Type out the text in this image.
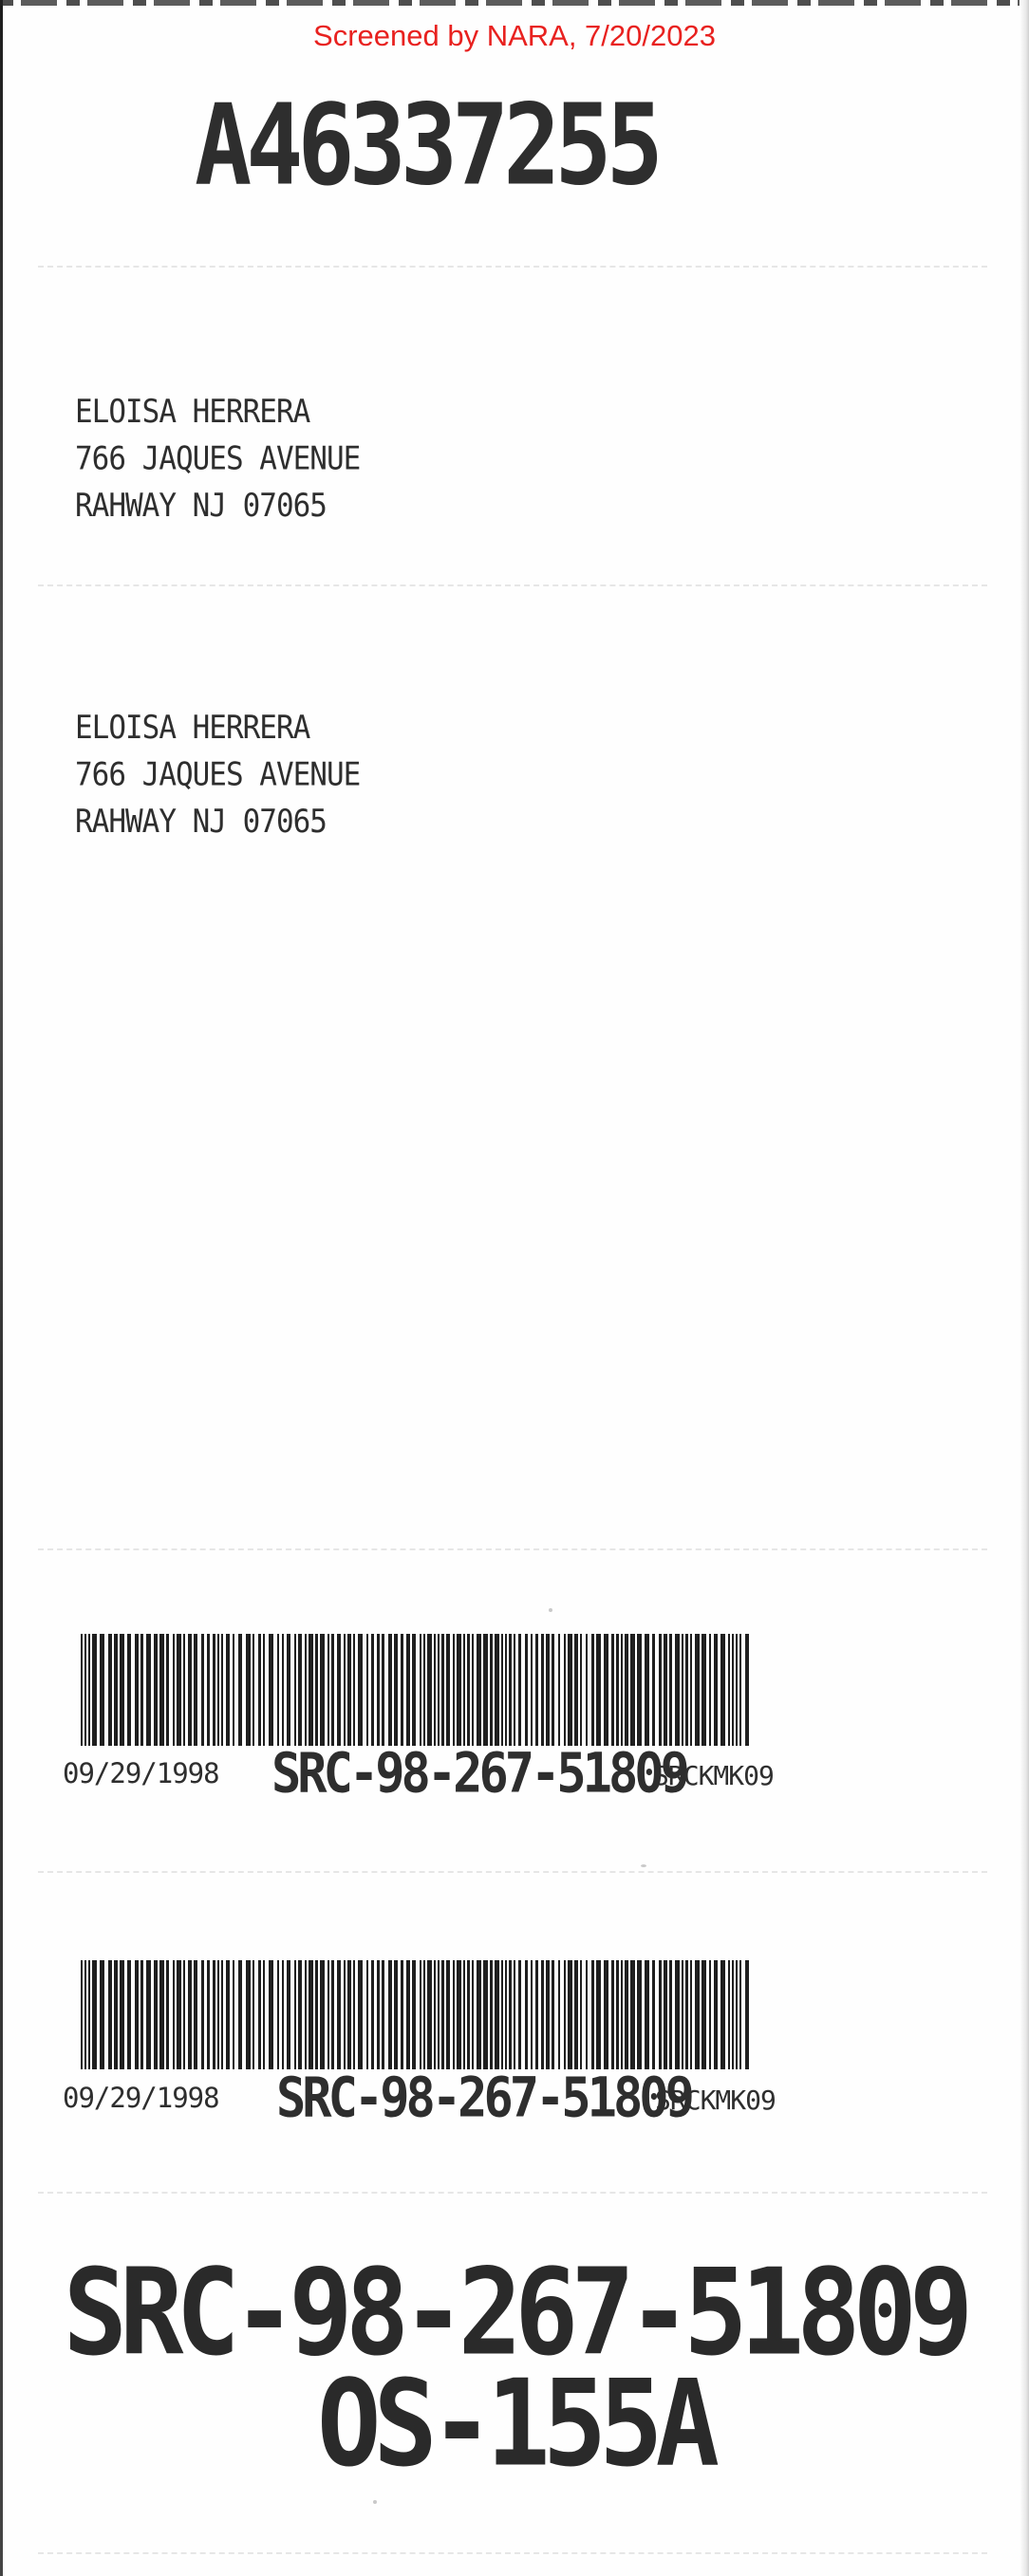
Screened by NARA, 7/20/2023
A46337255
ELOISA HERRERA
766 JAQUES AVENUE
RAHWAY NJ 07065
ELOISA HERRERA
766 JAQUES AVENUE
RAHWAY NJ 07065
09/29/1998 SRC-98-267-51809
SRCKMK09
09/29/1998 SRC-98-267-51809
SRCKMK09
SRC-98-267-51809
OS-155A
